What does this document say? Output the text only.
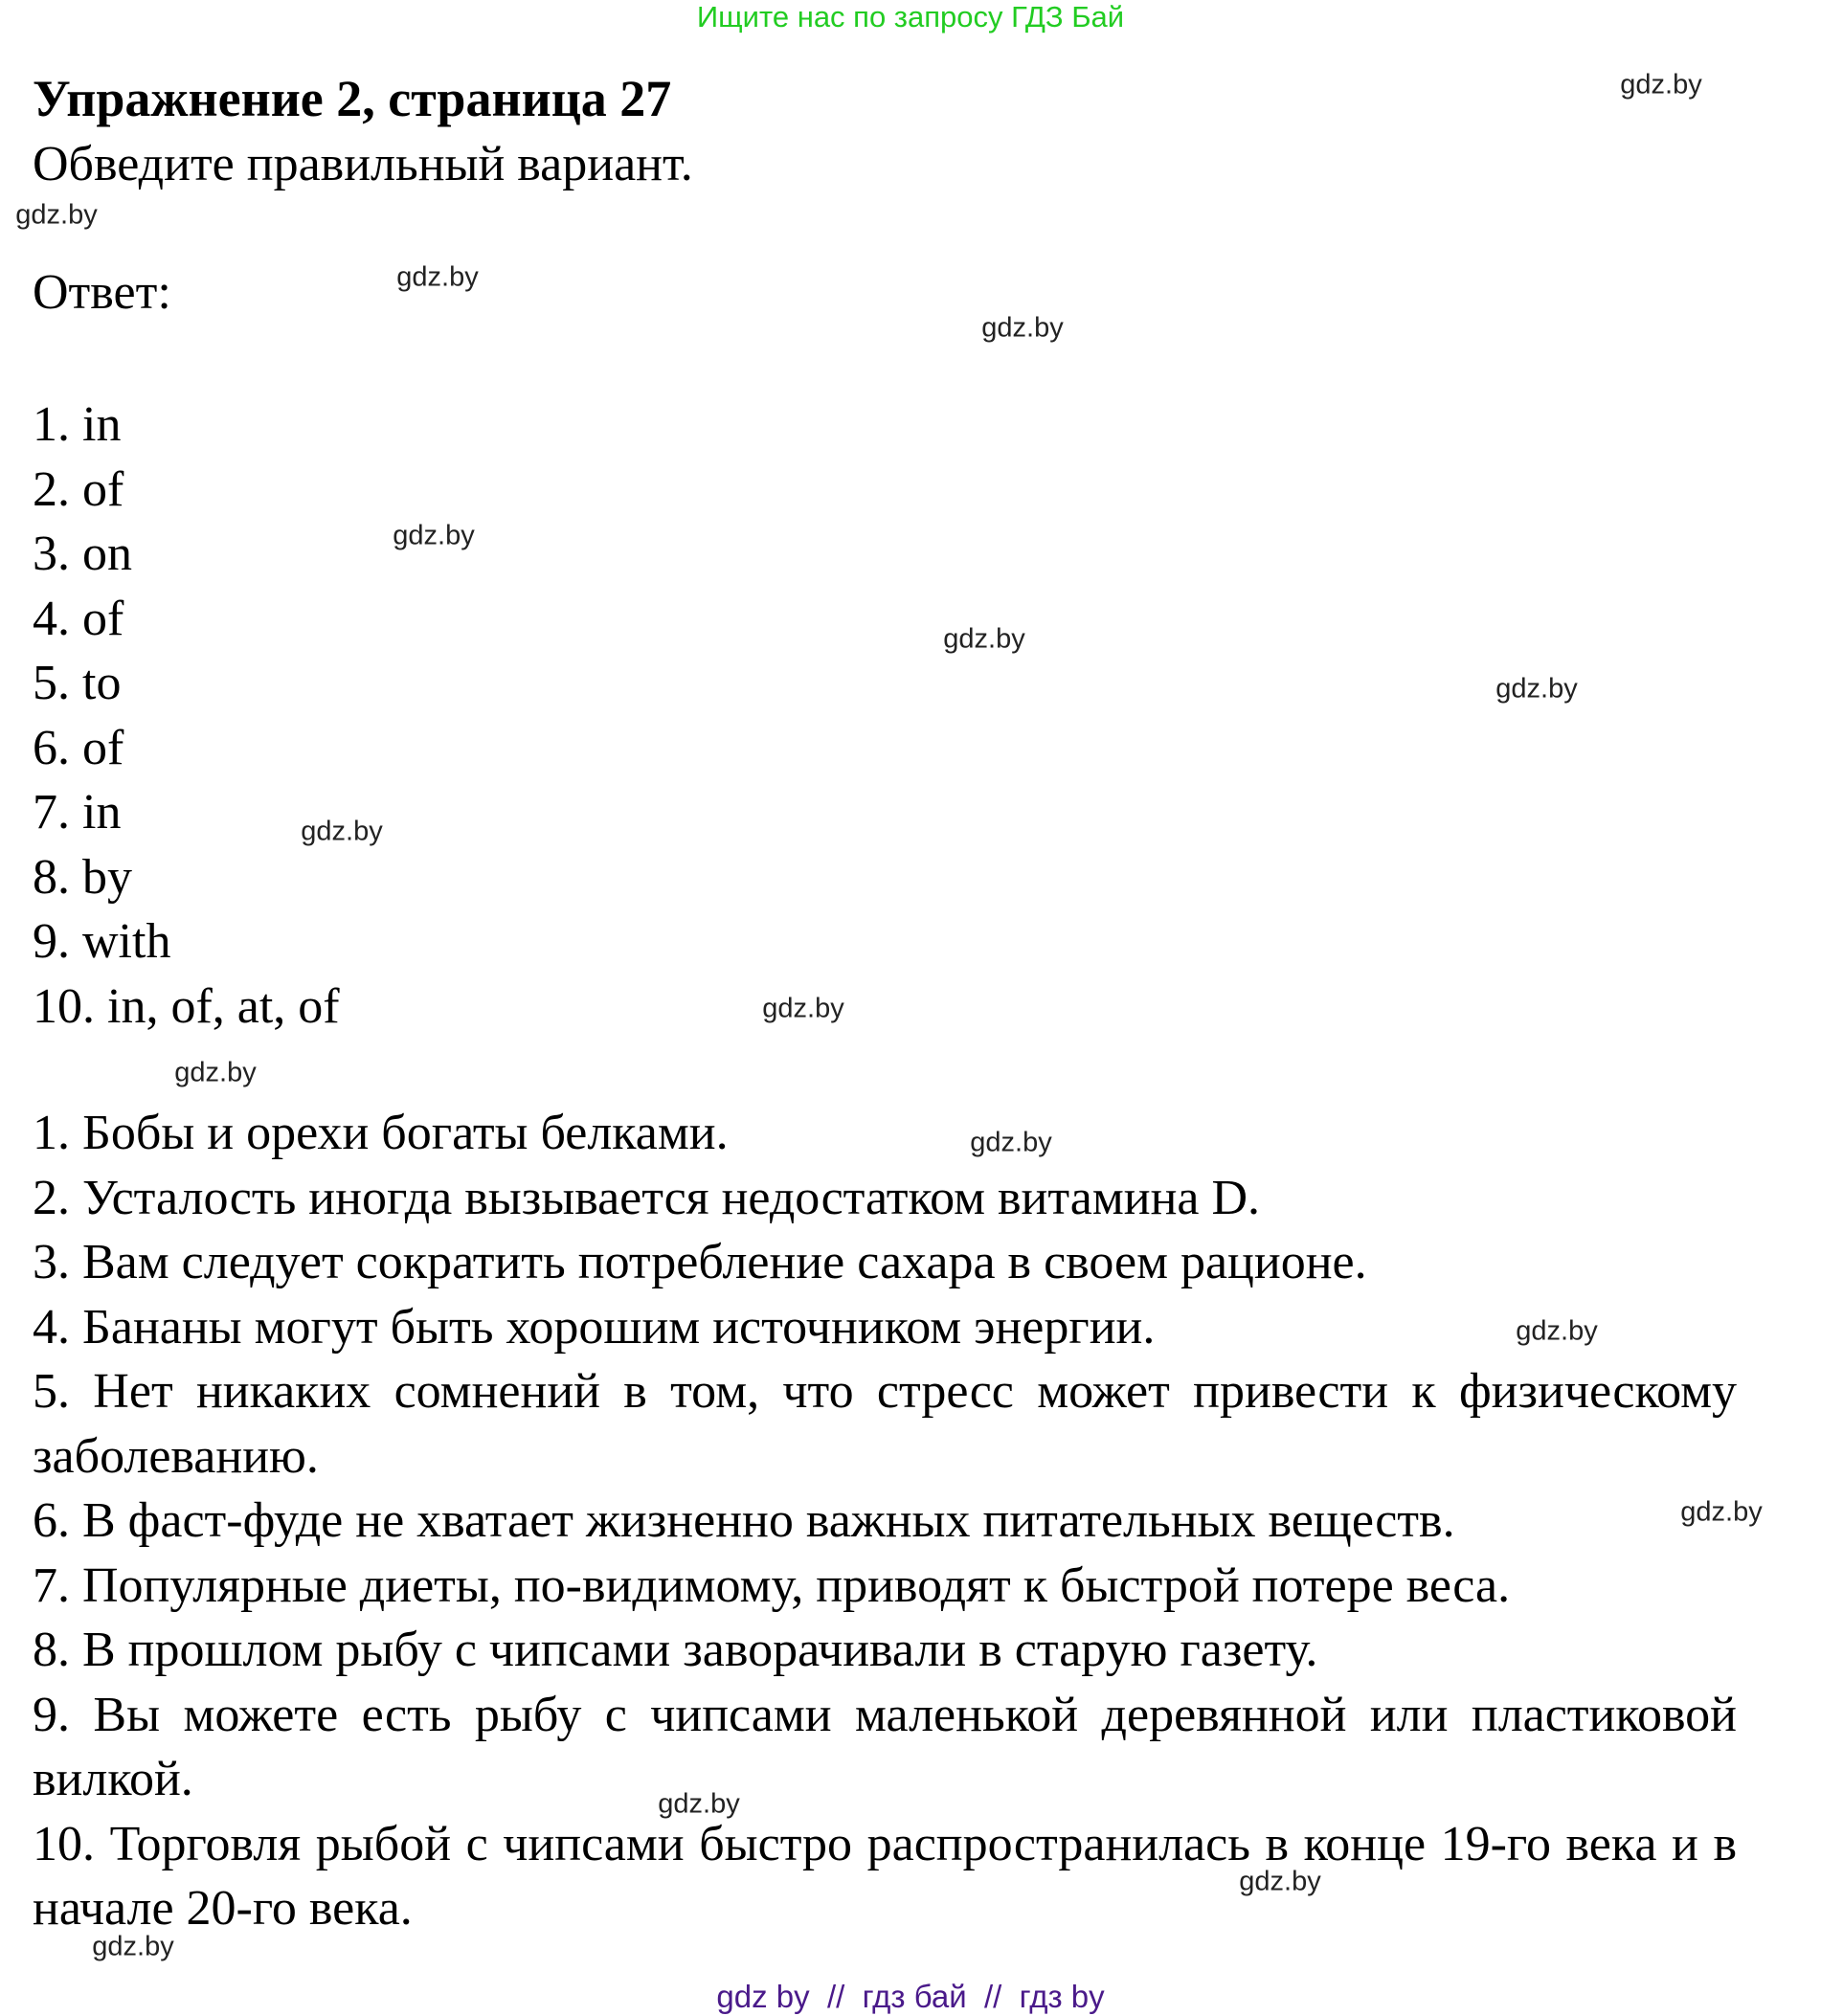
Ищите нас по запросу ГДЗ Бай
Упражнение 2, страница 27
Обведите правильный вариант.
Ответ:
1. in
2. of
3. on
4. of
5. to
6. of
7. in
8. by
9. with
10. in, of, at, of
1. Бобы и орехи богаты белками.
2. Усталость иногда вызывается недостатком витамина D.
3. Вам следует сократить потребление сахара в своем рационе.
4. Бананы могут быть хорошим источником энергии.
5. Нет никаких сомнений в том, что стресс может привести к физическому заболеванию.
6. В фаст-фуде не хватает жизненно важных питательных веществ.
7. Популярные диеты, по-видимому, приводят к быстрой потере веса.
8. В прошлом рыбу с чипсами заворачивали в старую газету.
9. Вы можете есть рыбу с чипсами маленькой деревянной или пластиковой вилкой.
10. Торговля рыбой с чипсами быстро распространилась в конце 19-го века и в начале 20-го века.
gdz.by
gdz.by
gdz.by
gdz.by
gdz.by
gdz.by
gdz.by
gdz.by
gdz.by
gdz.by
gdz.by
gdz.by
gdz.by
gdz.by
gdz.by
gdz.by
gdz by  //  гдз бай  //  гдз by
